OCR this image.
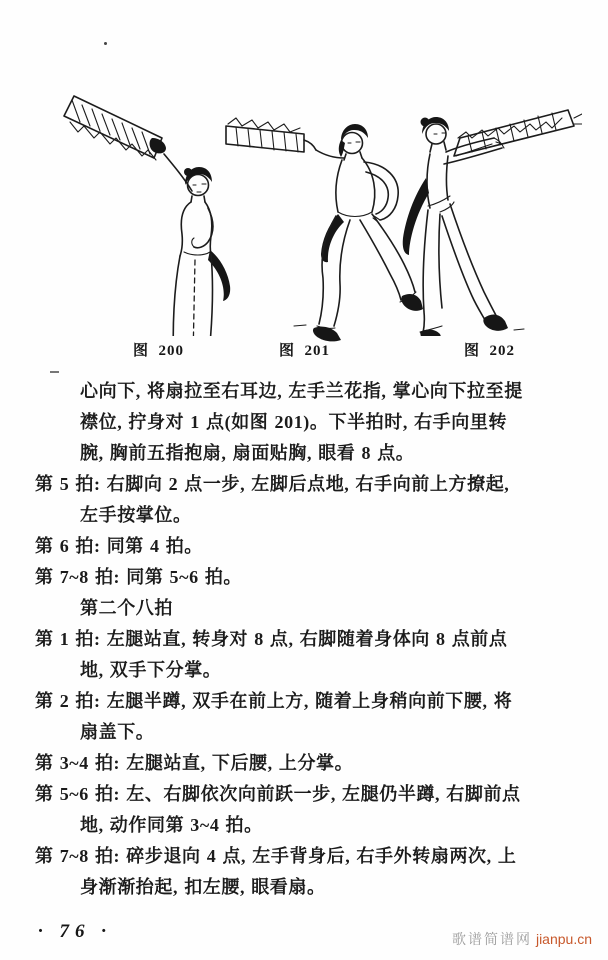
图  200	图  201	图  202
心向下, 将扇拉至右耳边, 左手兰花指, 掌心向下拉至提
襟位, 拧身对 1 点(如图 201)。下半拍时, 右手向里转
腕, 胸前五指抱扇, 扇面贴胸, 眼看 8 点。
第 5 拍: 右脚向 2 点一步, 左脚后点地, 右手向前上方撩起,
左手按掌位。
第 6 拍: 同第 4 拍。
第 7~8 拍: 同第 5~6 拍。
第二个八拍
第 1 拍: 左腿站直, 转身对 8 点, 右脚随着身体向 8 点前点
地, 双手下分掌。
第 2 拍: 左腿半蹲, 双手在前上方, 随着上身稍向前下腰, 将
扇盖下。
第 3~4 拍: 左腿站直, 下后腰, 上分掌。
第 5~6 拍: 左、右脚依次向前跃一步, 左腿仍半蹲, 右脚前点
地, 动作同第 3~4 拍。
第 7~8 拍: 碎步退向 4 点, 左手背身后, 右手外转扇两次, 上
身渐渐抬起, 扣左腰, 眼看扇。
· 76 ·	歌谱简谱网 jianpu.cn
